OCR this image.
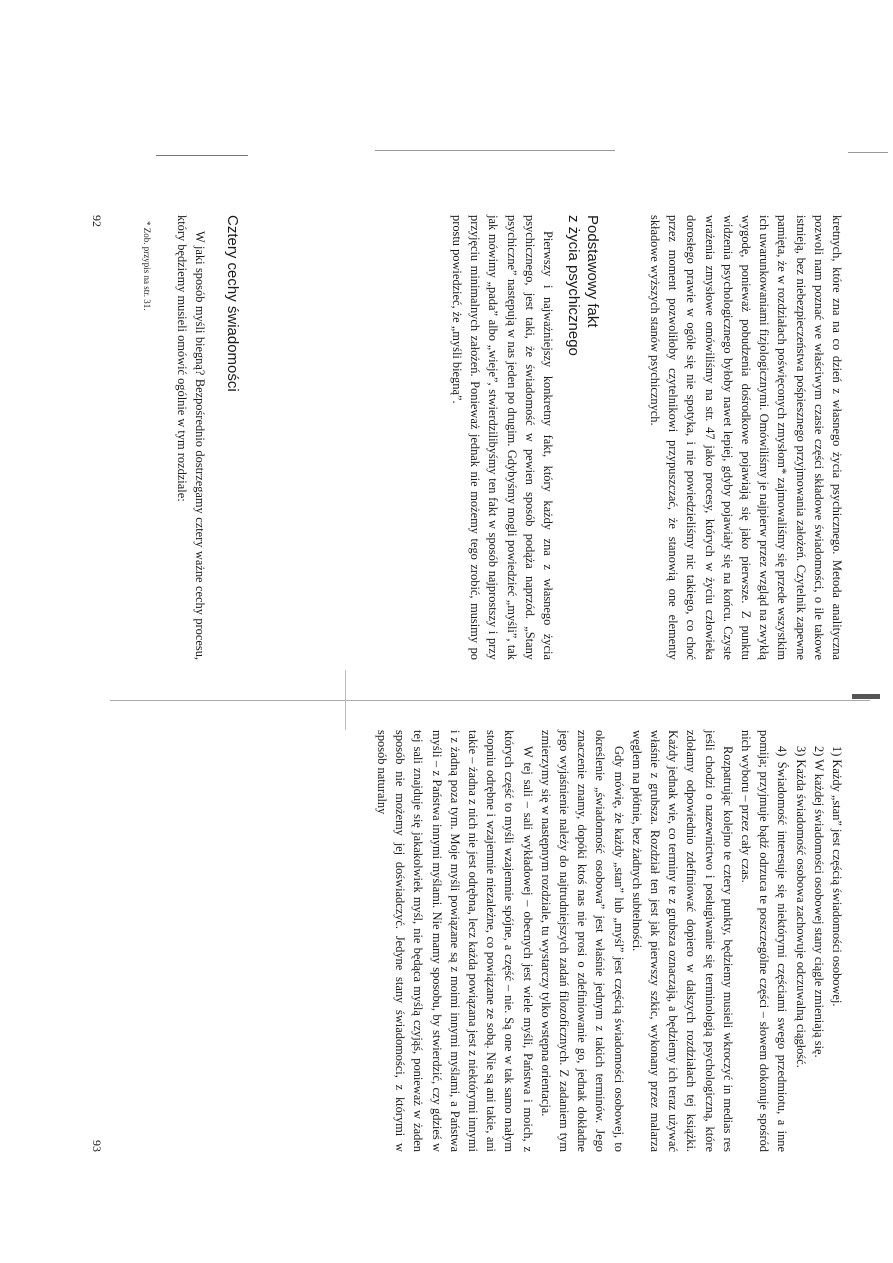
kretnych, które zna na co dzień z własnego życia psychicznego. Metoda analityczna pozwoli nam poznać we właściwym czasie części składowe świadomości, o ile takowe istnieją, bez niebezpieczeństwa pośpiesznego przyjmowania założeń. Czytelnik zapewne pamięta, że w rozdziałach poświęconych zmysłom* zajmowaliśmy się przede wszystkim ich uwarunkowaniami fizjologicznymi. Omówiliśmy je najpierw przez wzgląd na zwykłą wygodę, ponieważ pobudzenia dośrodkowe pojawiają się jako pierwsze. Z punktu widzenia psychologicznego byłoby nawet lepiej, gdyby pojawiały się na końcu. Czyste wrażenia zmysłowe omówiliśmy na str. 47 jako procesy, których w życiu człowieka dorosłego prawie w ogóle się nie spotyka, i nie powiedzieliśmy nic takiego, co choć przez moment pozwoliłoby czytelnikowi przypuszczać, że stanowią one elementy składowe wyższych stanów psychicznych.

Podstawowy fakt

z życia psychicznego

Pierwszy i najważniejszy konkretny fakt, który każdy zna z własnego życia psychicznego, jest taki, że świadomość w pewien sposób podąża naprzód. „Stany psychiczne” następują w nas jeden po drugim. Gdybyśmy mogli powiedzieć „myśli”, tak jak mówimy „pada” albo „wieje”, stwierdzilibyśmy ten fakt w sposób najprostszy i przy przyjęciu minimalnych założeń. Ponieważ jednak nie możemy tego zrobić, musimy po prostu powiedzieć, że „myśli biegną”.

Cztery cechy świadomości

W jaki sposób myśli biegną? Bezpośrednio dostrzegamy cztery ważne cechy procesu, który będziemy musieli omówić ogólnie w tym rozdziale:

* Zob. przypis na str. 31.

92

1) Każdy „stan” jest częścią świadomości osobowej.

2) W każdej świadomości osobowej stany ciągle zmieniają się.

3) Każda świadomość osobowa zachowuje odczuwalną ciągłość.

4) Świadomość interesuje się niektórymi częściami swego przedmiotu, a inne pomija; przyjmuje bądź odrzuca te poszczególne części – słowem dokonuje spośród nich wyboru – przez cały czas.

Rozpatrując kolejno te cztery punkty, będziemy musieli wkroczyć in medias res jeśli chodzi o nazewnictwo i posługiwanie się terminologią psychologiczną, które zdołamy odpowiednio zdefiniować dopiero w dalszych rozdziałach tej książki. Każdy jednak wie, co terminy te z grubsza oznaczają, a będziemy ich teraz używać właśnie z grubsza. Rozdział ten jest jak pierwszy szkic, wykonany przez malarza węglem na płótnie, bez żadnych subtelności.

Gdy mówię, że każdy „stan” lub „myśl” jest częścią świadomości osobowej, to określenie „świadomość osobowa” jest właśnie jednym z takich terminów. Jego znaczenie znamy, dopóki ktoś nas nie prosi o zdefiniowanie go, jednak dokładne jego wyjaśnienie należy do najtrudniejszych zadań filozoficznych. Z zadaniem tym zmierzymy się w następnym rozdziale, tu wystarczy tylko wstępna orientacja.

W tej sali – sali wykładowej – obecnych jest wiele myśli, Państwa i moich, z których część to myśli wzajemnie spójne, a część – nie. Są one w tak samo małym stopniu odrębne i wzajemnie niezależne, co powiązane ze sobą. Nie są ani takie, ani takie – żadna z nich nie jest odrębna, lecz każda powiązana jest z niektórymi innymi i z żadną poza tym. Moje myśli powiązane są z moimi innymi myślami, a Państwa myśli – z Państwa innymi myślami. Nie mamy sposobu, by stwierdzić, czy gdzieś w tej sali znajduje się jakakolwiek myśl, nie będąca myślą czyjąś, ponieważ w żaden sposób nie możemy jej doświadczyć. Jedyne stany świadomości, z którymi w sposób naturalny

93
